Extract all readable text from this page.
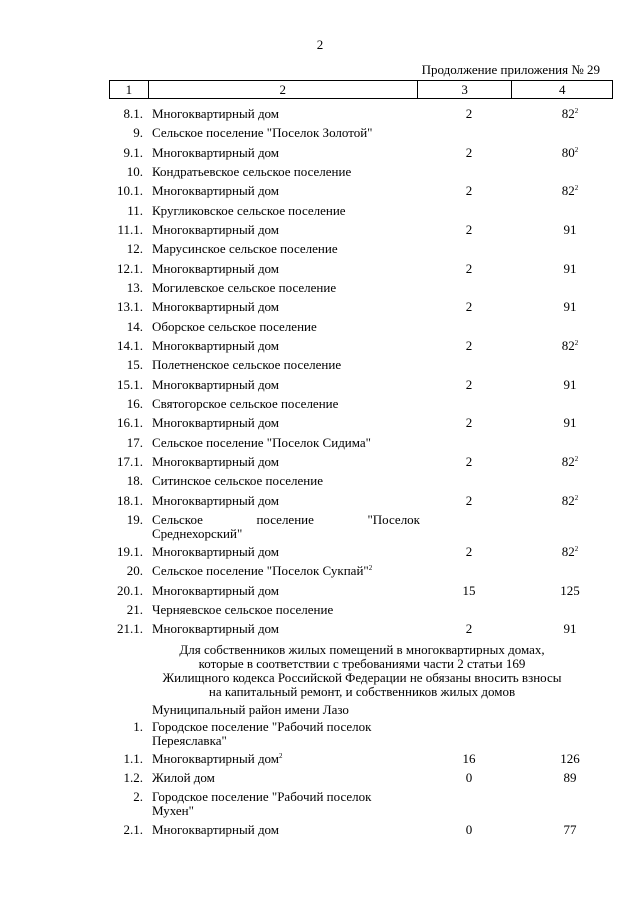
2
Продолжение приложения № 29
1	2	3	4
8.1. Многоквартирный дом	2	$82^2$
9. Сельское поселение "Поселок Золотой"
9.1. Многоквартирный дом	2	$80^2$
10. Кондратьевское сельское поселение
10.1. Многоквартирный дом	2	$82^2$
11. Кругликовское сельское поселение
11.1. Многоквартирный дом	2	91
12. Марусинское сельское поселение
12.1. Многоквартирный дом	2	91
13. Могилевское сельское поселение
13.1. Многоквартирный дом	2	91
14. Оборское сельское поселение
14.1. Многоквартирный дом	2	$82^2$
15. Полетненское сельское поселение
15.1. Многоквартирный дом	2	91
16. Святогорское сельское поселение
16.1. Многоквартирный дом	2	91
17. Сельское поселение "Поселок Сидима"
17.1. Многоквартирный дом	2	$82^2$
18. Ситинское сельское поселение
18.1. Многоквартирный дом	2	$82^2$
19. Сельское поселение "Поселок
Среднехорский"
19.1. Многоквартирный дом	2	$82^2$
20. Сельское поселение "Поселок Сукпай"$^2$
20.1. Многоквартирный дом	15	125
21. Черняевское сельское поселение
21.1. Многоквартирный дом	2	91
1. Городское поселение "Рабочий поселок
Переяславка"
1.1. Многоквартирный дом$^2$	16	126
1.2. Жилой дом	0	89
2. Городское поселение "Рабочий поселок
Мухен"
2.1. Многоквартирный дом	0	77
Для собственников жилых помещений в многоквартирных домах,
которые в соответствии с требованиями части 2 статьи 169
Жилищного кодекса Российской Федерации не обязаны вносить взносы
на капитальный ремонт, и собственников жилых домов
Муниципальный район имени Лазо
